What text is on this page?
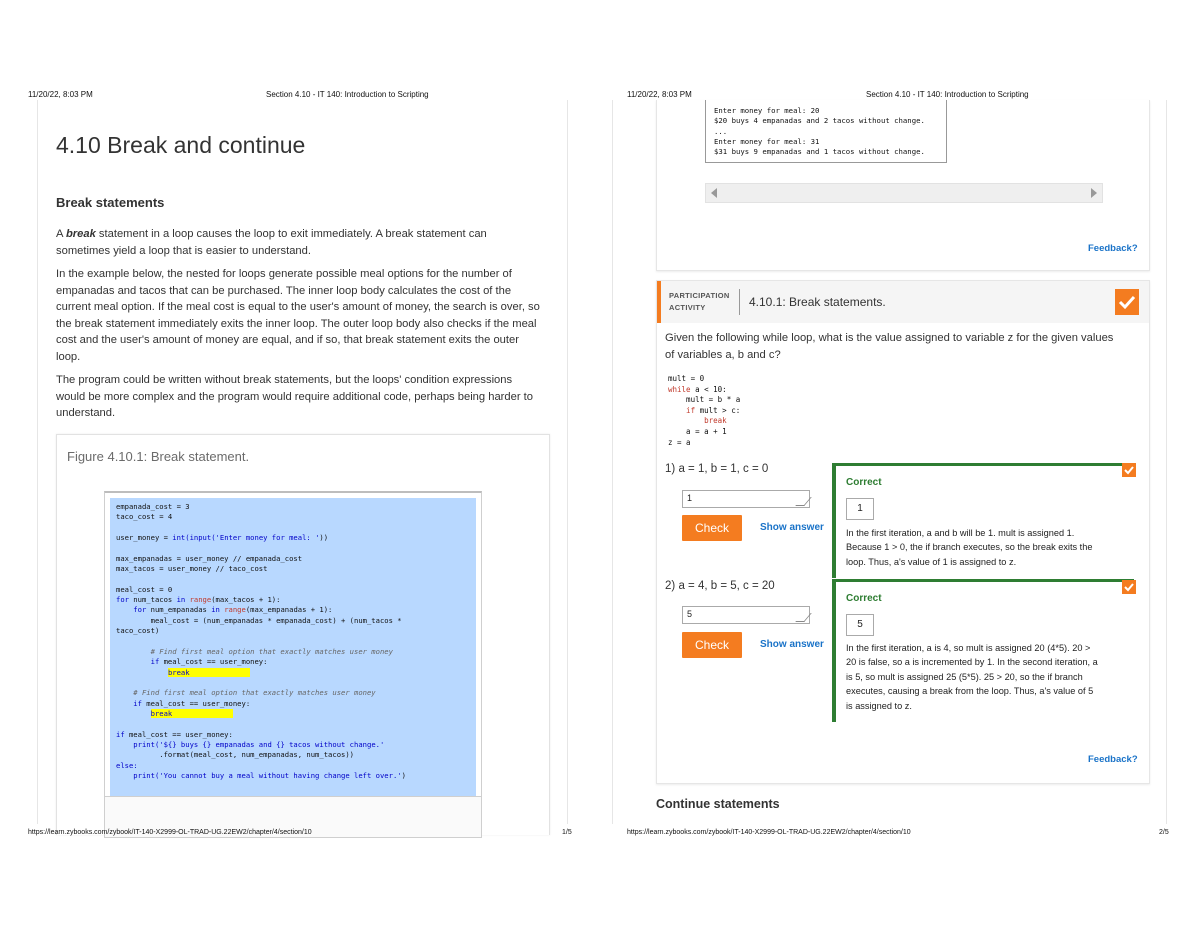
11/20/22, 8:03 PM	Section 4.10 - IT 140: Introduction to Scripting	11/20/22, 8:03 PM	Section 4.10 - IT 140: Introduction to Scripting
4.10 Break and continue
Break statements

A break statement in a loop causes the loop to exit immediately. A break statement can sometimes yield a loop that is easier to understand.

In the example below, the nested for loops generate possible meal options for the number of empanadas and tacos that can be purchased. The inner loop body calculates the cost of the current meal option. If the meal cost is equal to the user's amount of money, the search is over, so the break statement immediately exits the inner loop. The outer loop body also checks if the meal cost and the user's amount of money are equal, and if so, that break statement exits the outer loop.

The program could be written without break statements, but the loops' condition expressions would be more complex and the program would require additional code, perhaps being harder to understand.

Figure 4.10.1: Break statement.
empanada_cost = 3
taco_cost = 4

user_money = int(input('Enter money for meal: '))

max_empanadas = user_money // empanada_cost
max_tacos = user_money // taco_cost

meal_cost = 0
for num_tacos in range(max_tacos + 1):
for num_empanadas in range(max_empanadas + 1):
meal_cost = (num_empanadas * empanada_cost) + (num_tacos *
taco_cost)

# Find first meal option that exactly matches user money
if meal_cost == user_money:
break

# Find first meal option that exactly matches user money
if meal_cost == user_money:
break

if meal_cost == user_money:
print('${} buys {} empanadas and {} tacos without change.'
.format(meal_cost, num_empanadas, num_tacos))
else:
print('You cannot buy a meal without having change left over.')
Enter money for meal: 20
$20 buys 4 empanadas and 2 tacos without change.
...
Enter money for meal: 31
$31 buys 9 empanadas and 1 tacos without change.
Feedback?
PARTICIPATION
ACTIVITY	4.10.1: Break statements.
Given the following while loop, what is the value assigned to variable z for the given values of variables a, b and c?
mult = 0
while a < 10:
mult = b * a
if mult > c:
break
a = a + 1
z = a
1) a = 1, b = 1, c = 0
1
Check	Show answer
Correct
1
In the first iteration, a and b will be 1. mult is assigned 1. Because 1 > 0, the if branch executes, so the break exits the loop. Thus, a's value of 1 is assigned to z.
2) a = 4, b = 5, c = 20
5
Check	Show answer
Correct
5
In the first iteration, a is 4, so mult is assigned 20 (4*5). 20 > 20 is false, so a is incremented by 1. In the second iteration, a is 5, so mult is assigned 25 (5*5). 25 > 20, so the if branch executes, causing a break from the loop. Thus, a's value of 5 is assigned to z.
Feedback?
Continue statements
https://learn.zybooks.com/zybook/IT-140-X2999-OL-TRAD-UG.22EW2/chapter/4/section/10	1/5	https://learn.zybooks.com/zybook/IT-140-X2999-OL-TRAD-UG.22EW2/chapter/4/section/10	2/5
